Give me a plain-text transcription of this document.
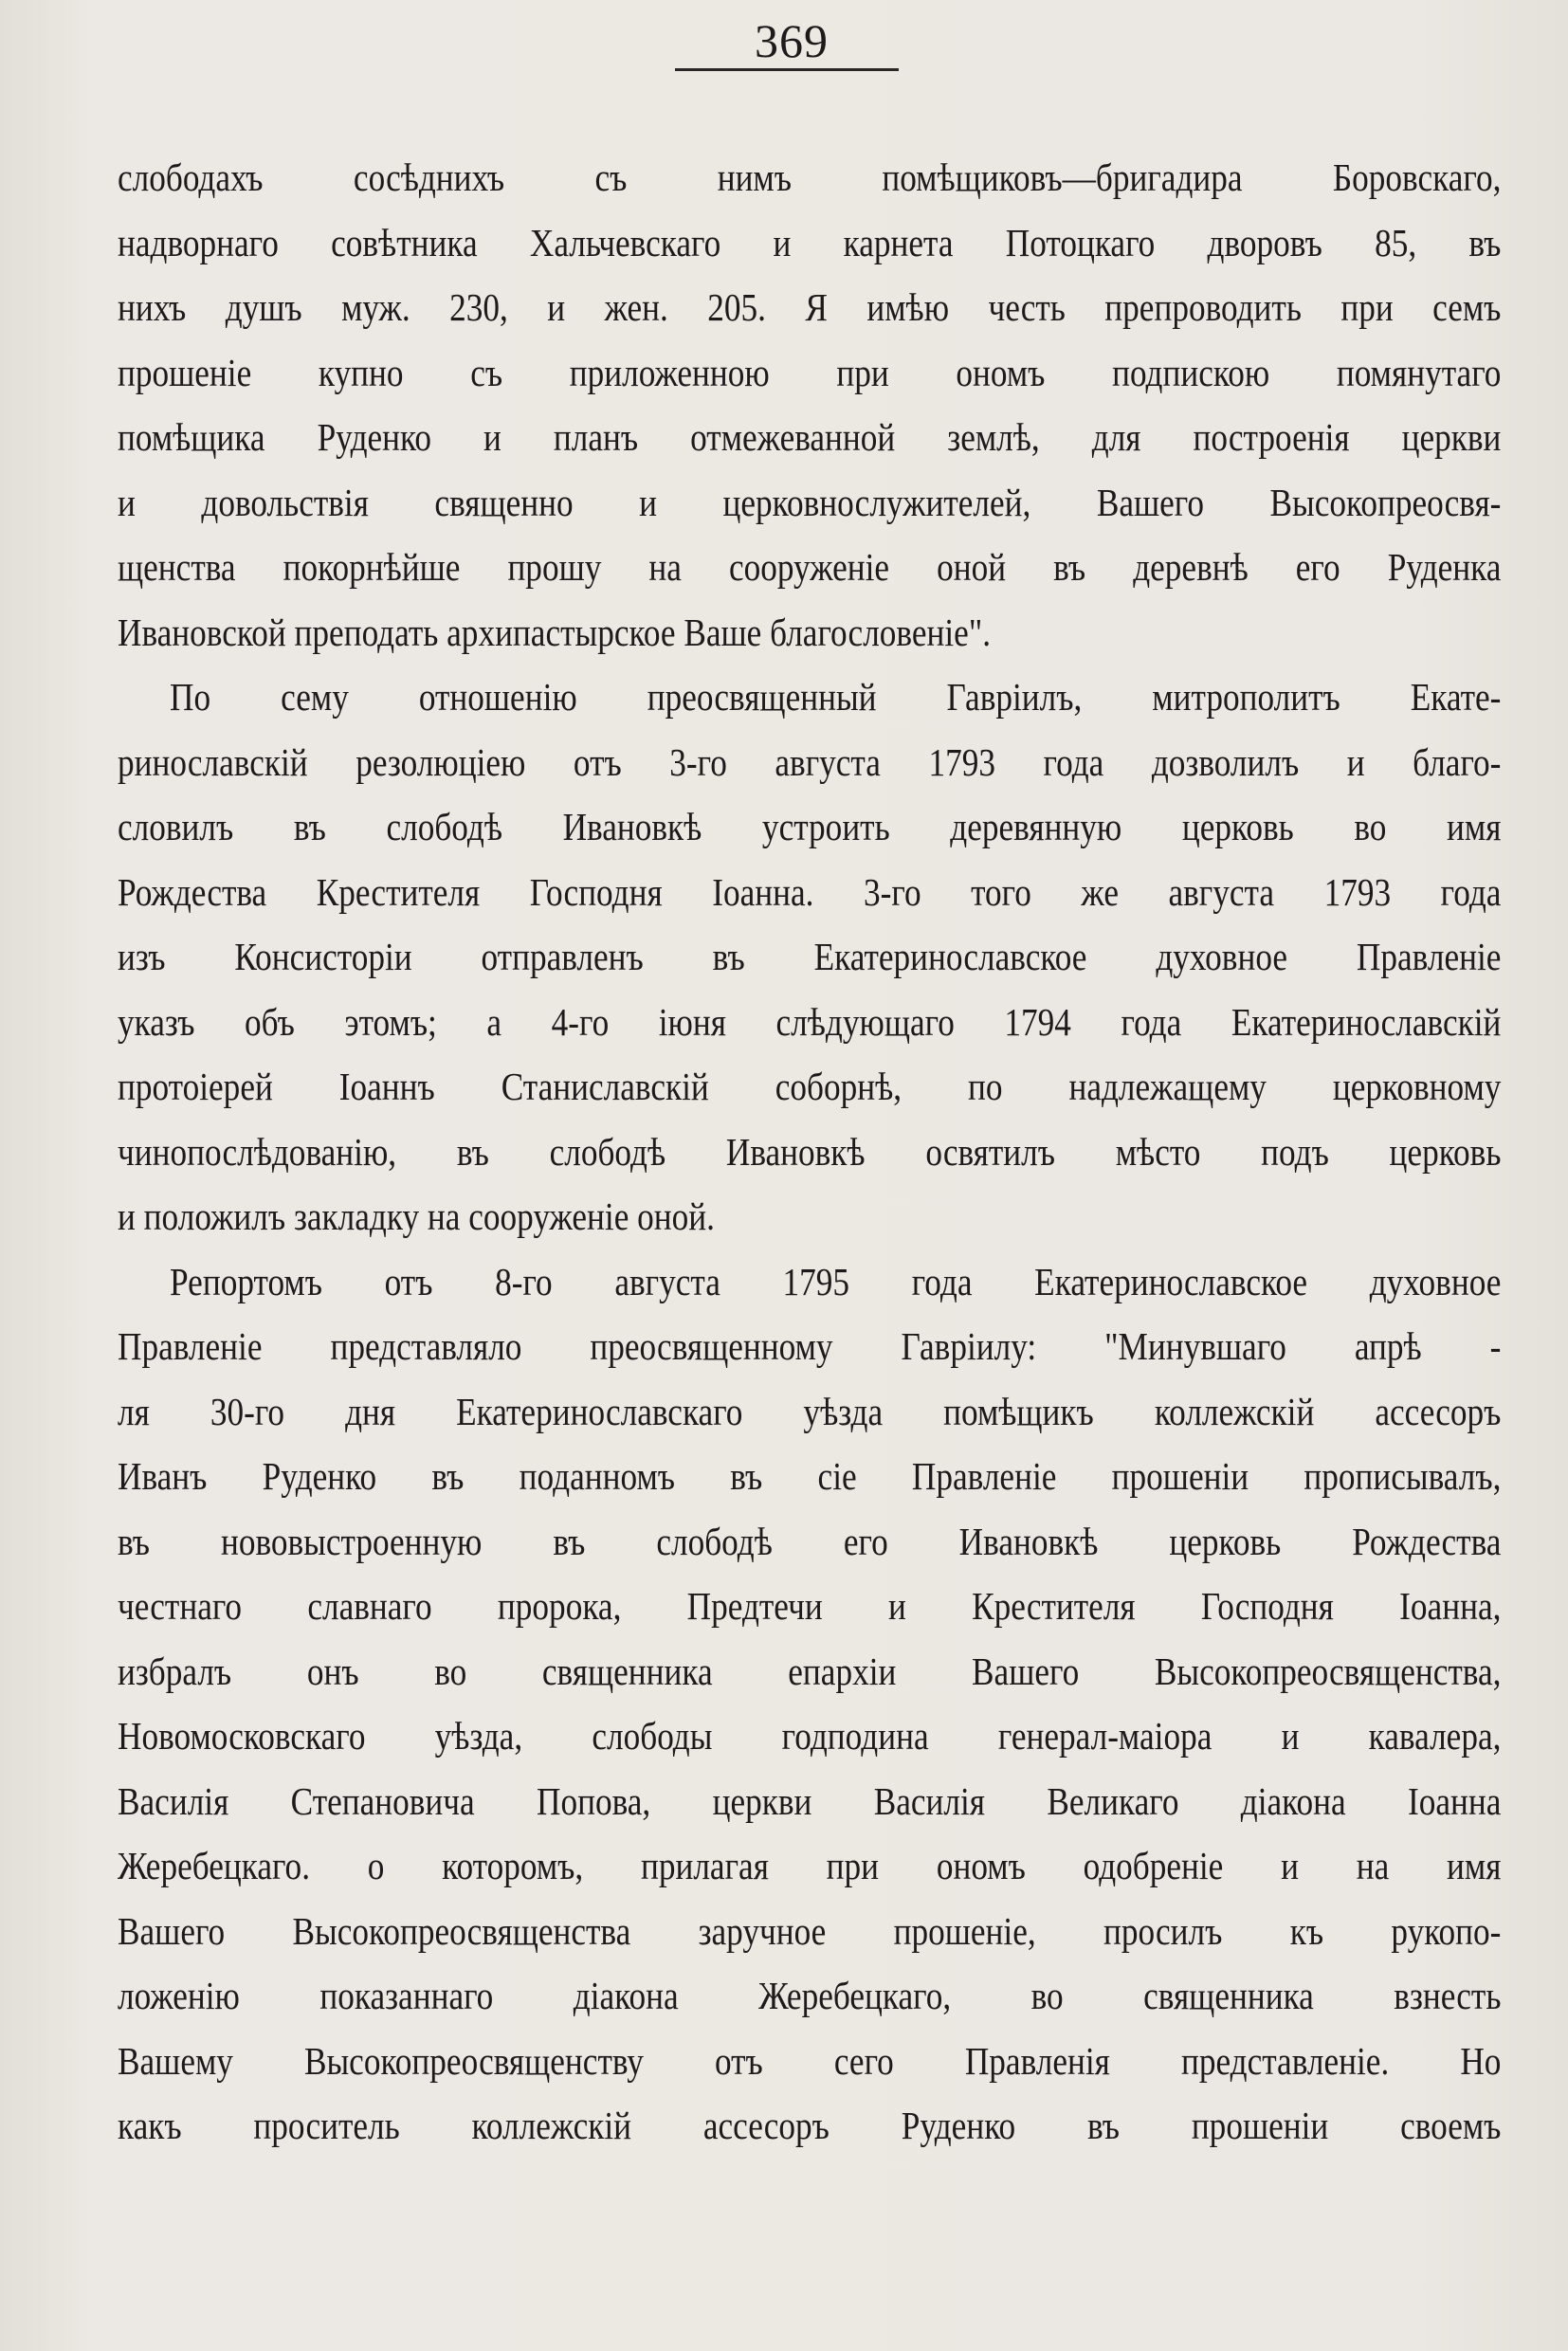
369
слободахъ сосѣднихъ съ нимъ помѣщиковъ—бригадира Боровскаго,
надворнаго совѣтника Хальчевскаго и карнета Потоцкаго дворовъ 85, въ
нихъ душъ муж. 230, и жен. 205. Я имѣю честь препроводить при семъ
прошеніе купно съ приложенною при ономъ подпискою помянутаго
помѣщика Руденко и планъ отмежеванной землѣ, для построенія церкви
и довольствія священно и церковнослужителей, Вашего Высокопреосвя-
щенства покорнѣйше прошу на сооруженіе оной въ деревнѣ его Руденка
Ивановской преподать архипастырское Ваше благословеніе".
По сему отношенію преосвященный Гавріилъ, митрополитъ Екате-
ринославскій резолюціею отъ 3-го августа 1793 года дозволилъ и благо-
словилъ въ слободѣ Ивановкѣ устроить деревянную церковь во имя
Рождества Крестителя Господня Іоанна. 3-го того же августа 1793 года
изъ Консисторіи отправленъ въ Екатеринославское духовное Правленіе
указъ объ этомъ; а 4-го іюня слѣдующаго 1794 года Екатеринославскій
протоіерей Іоаннъ Станиславскій соборнѣ, по надлежащему церковному
чинопослѣдованію, въ слободѣ Ивановкѣ освятилъ мѣсто подъ церковь
и положилъ закладку на сооруженіе оной.
Репортомъ отъ 8-го августа 1795 года Екатеринославское духовное
Правленіе представляло преосвященному Гавріилу: "Минувшаго апрѣ -
ля 30-го дня Екатеринославскаго уѣзда помѣщикъ коллежскій ассесоръ
Иванъ Руденко въ поданномъ въ сіе Правленіе прошеніи прописывалъ,
въ нововыстроенную въ слободѣ его Ивановкѣ церковь Рождества
честнаго славнаго пророка, Предтечи и Крестителя Господня Іоанна,
избралъ онъ во священника епархіи Вашего Высокопреосвященства,
Новомосковскаго уѣзда, слободы годподина генерал-маіора и кавалера,
Василія Степановича Попова, церкви Василія Великаго діакона Іоанна
Жеребецкаго. о которомъ, прилагая при ономъ одобреніе и на имя
Вашего Высокопреосвященства заручное прошеніе, просилъ къ рукопо-
ложенію показаннаго діакона Жеребецкаго, во священника взнесть
Вашему Высокопреосвященству отъ сего Правленія представленіе. Но
какъ проситель коллежскій ассесоръ Руденко въ прошеніи своемъ
